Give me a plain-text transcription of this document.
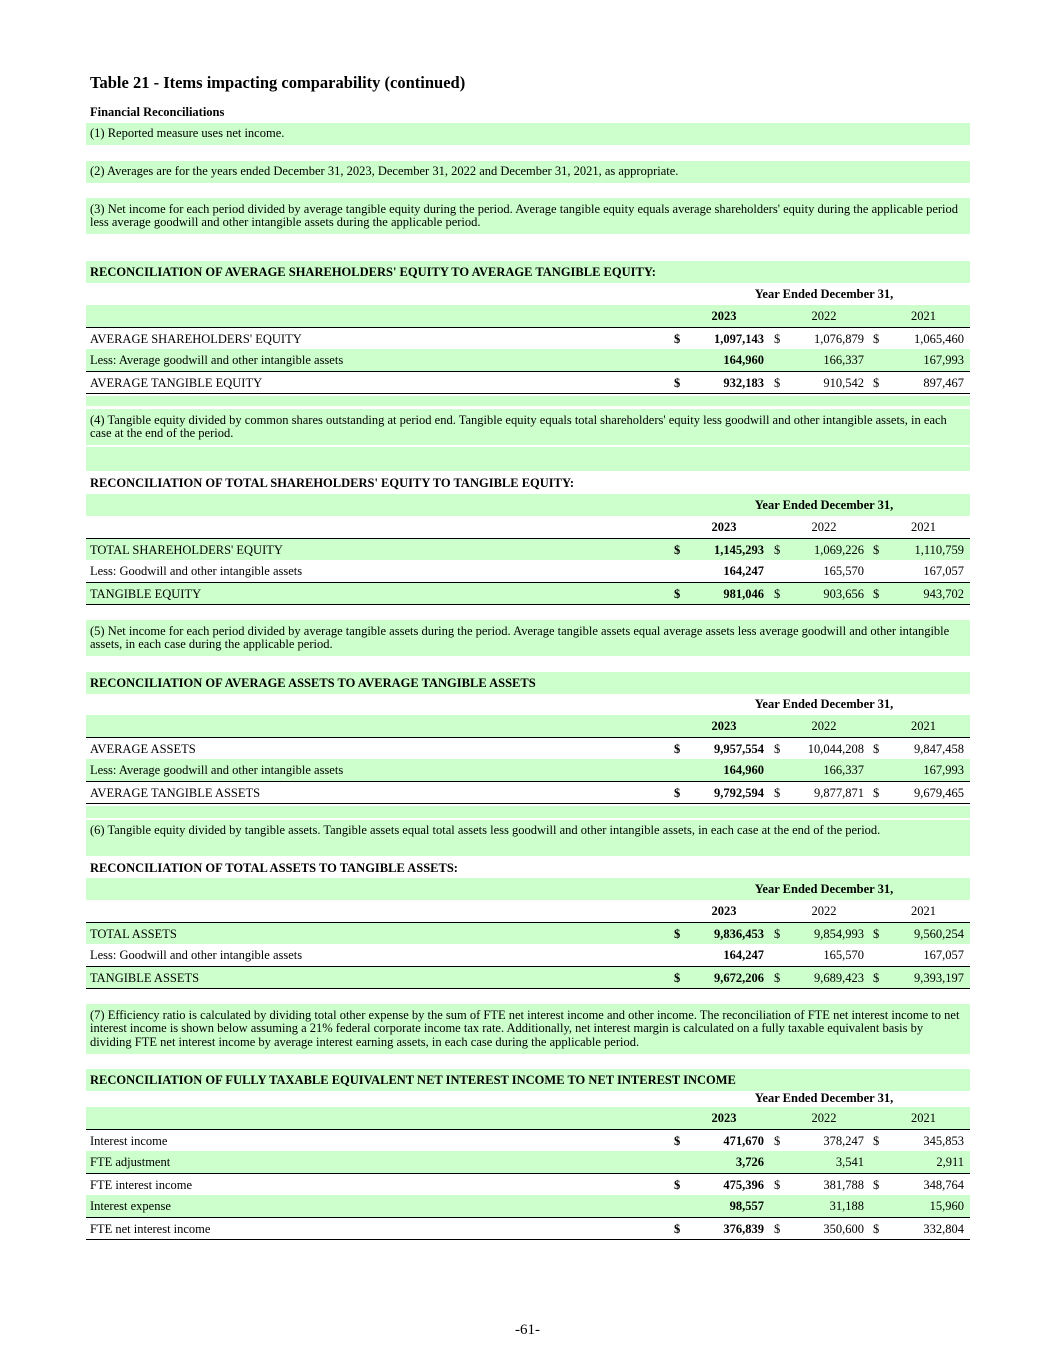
Table 21 - Items impacting comparability (continued)
Financial Reconciliations
(1) Reported measure uses net income.
(2) Averages are for the years ended December 31, 2023, December 31, 2022 and December 31, 2021, as appropriate.
(3) Net income for each period divided by average tangible equity during the period. Average tangible equity equals average shareholders' equity during the applicable period less average goodwill and other intangible assets during the applicable period.
RECONCILIATION OF AVERAGE SHAREHOLDERS' EQUITY TO AVERAGE TANGIBLE EQUITY:
Year Ended December 31,
2023	2022	2021
AVERAGE SHAREHOLDERS' EQUITY	$	1,097,143 $	1,076,879 $	1,065,460
Less: Average goodwill and other intangible assets	164,960	166,337	167,993
AVERAGE TANGIBLE EQUITY	$	932,183 $	910,542 $	897,467
(4) Tangible equity divided by common shares outstanding at period end. Tangible equity equals total shareholders' equity less goodwill and other intangible assets, in each case at the end of the period.
RECONCILIATION OF TOTAL SHAREHOLDERS' EQUITY TO TANGIBLE EQUITY:
Year Ended December 31,
2023	2022	2021
TOTAL SHAREHOLDERS' EQUITY	$	1,145,293 $	1,069,226 $	1,110,759
Less: Goodwill and other intangible assets	164,247	165,570	167,057
TANGIBLE EQUITY	$	981,046 $	903,656 $	943,702
(5) Net income for each period divided by average tangible assets during the period. Average tangible assets equal average assets less average goodwill and other intangible assets, in each case during the applicable period.
RECONCILIATION OF AVERAGE ASSETS TO AVERAGE TANGIBLE ASSETS
Year Ended December 31,
2023	2022	2021
AVERAGE ASSETS	$	9,957,554 $	10,044,208 $	9,847,458
Less: Average goodwill and other intangible assets	164,960	166,337	167,993
AVERAGE TANGIBLE ASSETS	$	9,792,594 $	9,877,871 $	9,679,465
(6) Tangible equity divided by tangible assets. Tangible assets equal total assets less goodwill and other intangible assets, in each case at the end of the period.
RECONCILIATION OF TOTAL ASSETS TO TANGIBLE ASSETS:
Year Ended December 31,
2023	2022	2021
TOTAL ASSETS	$	9,836,453 $	9,854,993 $	9,560,254
Less: Goodwill and other intangible assets	164,247	165,570	167,057
TANGIBLE ASSETS	$	9,672,206 $	9,689,423 $	9,393,197
(7) Efficiency ratio is calculated by dividing total other expense by the sum of FTE net interest income and other income. The reconciliation of FTE net interest income to net interest income is shown below assuming a 21% federal corporate income tax rate. Additionally, net interest margin is calculated on a fully taxable equivalent basis by dividing FTE net interest income by average interest earning assets, in each case during the applicable period.
RECONCILIATION OF FULLY TAXABLE EQUIVALENT NET INTEREST INCOME TO NET INTEREST INCOME
Year Ended December 31,
2023	2022	2021
Interest income	$	471,670 $	378,247 $	345,853
FTE adjustment	3,726	3,541	2,911
FTE interest income	$	475,396 $	381,788 $	348,764
Interest expense	98,557	31,188	15,960
FTE net interest income	$	376,839 $	350,600 $	332,804
-61-
